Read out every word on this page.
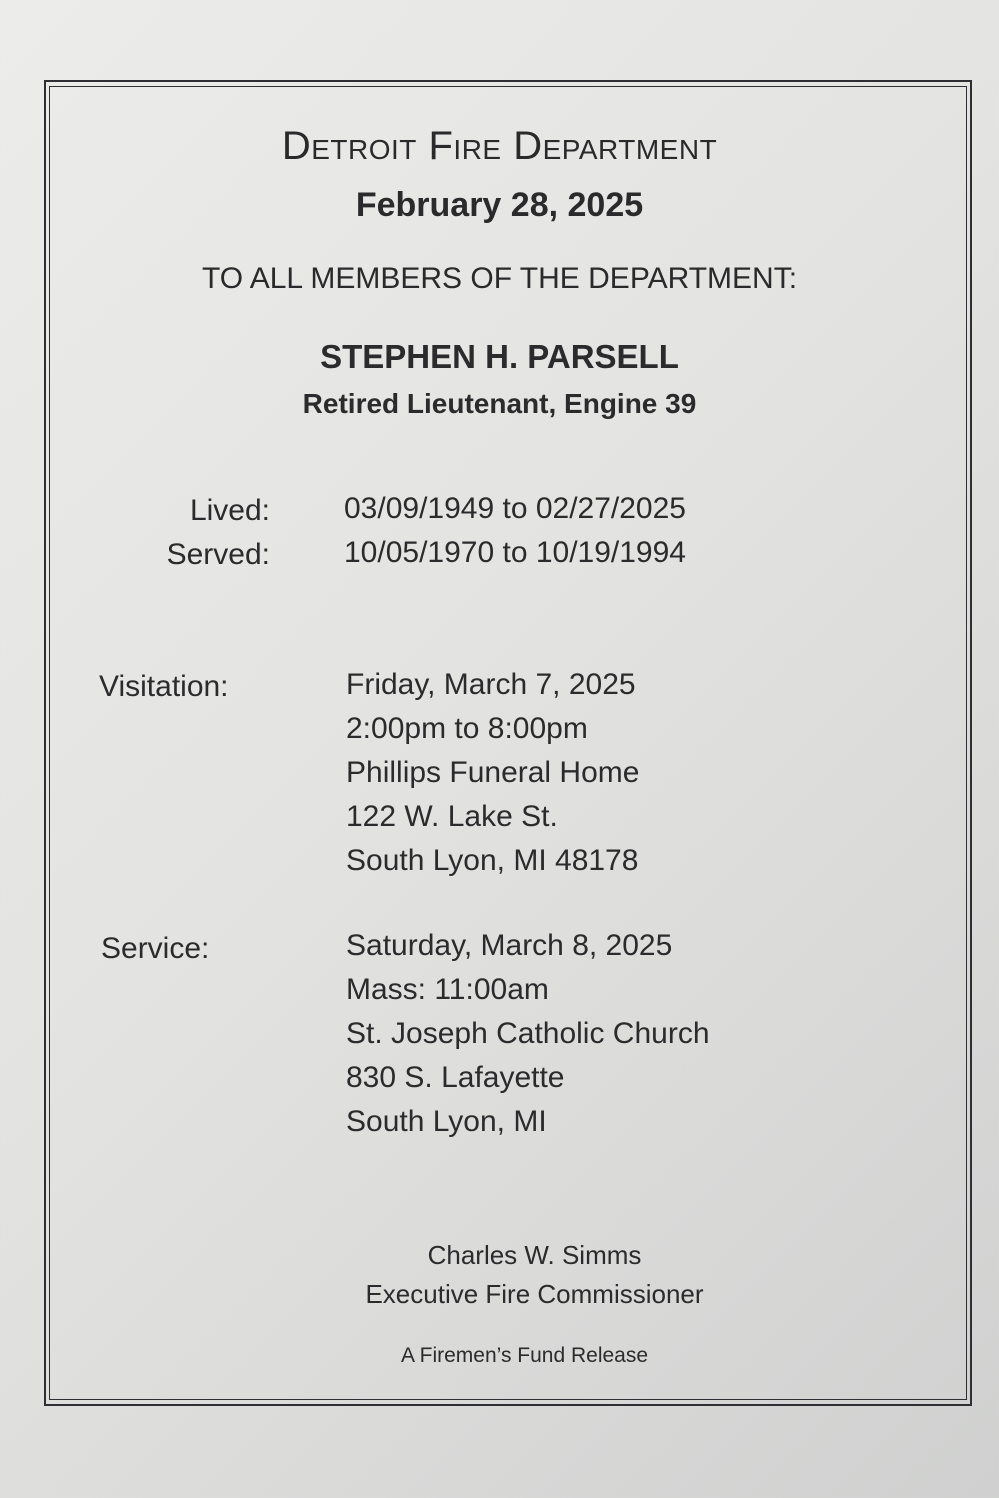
Detroit Fire Department
February 28, 2025
TO ALL MEMBERS OF THE DEPARTMENT:
STEPHEN H. PARSELL
Retired Lieutenant, Engine 39
Lived: 03/09/1949 to 02/27/2025
Served: 10/05/1970 to 10/19/1994
Visitation:	Friday, March 7, 2025
2:00pm to 8:00pm
Phillips Funeral Home
122 W. Lake St.
South Lyon, MI 48178
Service:	Saturday, March 8, 2025
Mass: 11:00am
St. Joseph Catholic Church
830 S. Lafayette
South Lyon, MI
Charles W. Simms
Executive Fire Commissioner
A Firemen’s Fund Release
